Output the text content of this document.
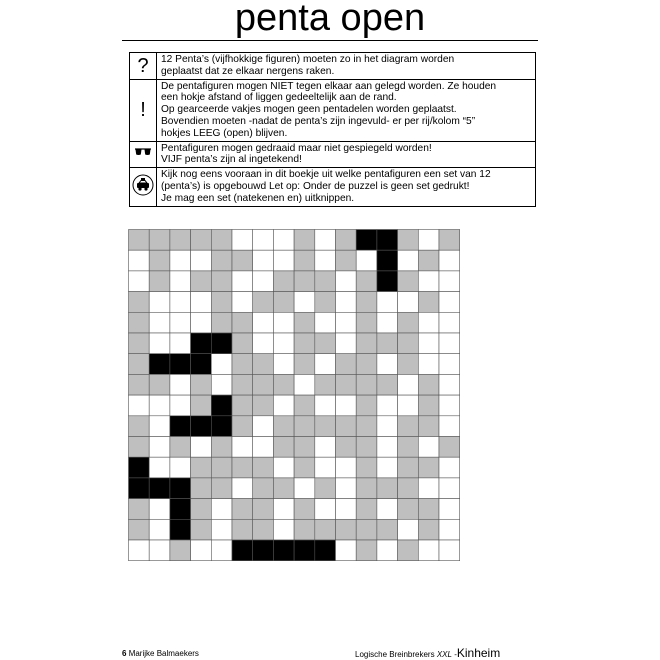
penta open
?	12 Penta’s (vijfhokkige figuren) moeten zo in het diagram worden
geplaatst dat ze elkaar nergens raken.

!	De pentafiguren mogen NIET tegen elkaar aan gelegd worden. Ze houden
een hokje afstand of liggen gedeeltelijk aan de rand.
Op gearceerde vakjes mogen geen pentadelen worden geplaatst.
Bovendien moeten -nadat de penta’s zijn ingevuld- er per rij/kolom “5”
hokjes LEEG (open) blijven.

Pentafiguren mogen gedraaid maar niet gespiegeld worden!
VIJF penta’s zijn al ingetekend!

Kijk nog eens vooraan in dit boekje uit welke pentafiguren een set van 12
(penta’s) is opgebouwd Let op: Onder de puzzel is geen set gedrukt!
Je mag een set (natekenen en) uitknippen.
6 Marijke Balmaekers	Logische Breinbrekers XXL -Kinheim
